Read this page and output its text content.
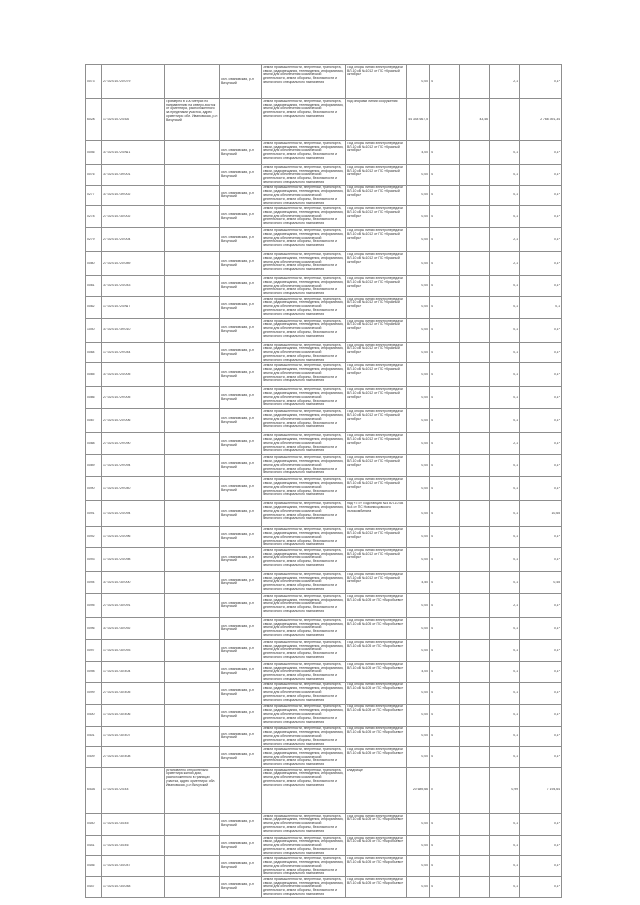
0073	27:02:010720:079		обл. Ивановская, р-н Вичугский	Земли промышленности, энергетики, транспорта, связи, радиовещания, телевидения, информатики, земли для обеспечения космической деятельности, земли обороны, безопасности и земли иного специального назначения	Под опоры линии электропередачи ВЛ-10 кВ №1012 от ПС «Красный октябрь»	0,00	4		2,1	0,1*

602a	17:02:010724:5А	Примерно в 100 метрах по направлению на северо-восток от ориентира, расположенного за пределами участка, адрес ориентира: обл. Ивановская, р-н Вичугский		Земли промышленности, энергетики, транспорта, связи, радиовещания, телевидения, информатики, земли для обеспечения космической деятельности, земли обороны, безопасности и земли иного специального назначения	под опорами линии сооружения	44 344 667,5		43,46		2 768 391,34

0046	37:02:010724:№1		обл. Ивановская, р-н Вичугский	Земли промышленности, энергетики, транспорта, связи, радиовещания, телевидения, информатики, земли для обеспечения космической деятельности, земли обороны, безопасности и земли иного специального назначения	Под опоры линии электропередачи ВЛ-10 кВ №1012 от ПС «Красный октябрь»	4,00	4		0,1	0,1*

0076	37:02:010739:001		обл. Ивановская, р-н Вичугский	Земли промышленности, энергетики, транспорта, связи, радиовещания, телевидения, информатики, земли для обеспечения космической деятельности, земли обороны, безопасности и земли иного специального назначения	Под опоры линии электропередачи ВЛ-10 кВ №1012 от ПС «Красный октябрь»	0,00	4		0,1	0,1*

0277	37:02:010739:002		обл. Ивановская, р-н Вичугский	Земли промышленности, энергетики, транспорта, связи, радиовещания, телевидения, информатики, земли для обеспечения космической деятельности, земли обороны, безопасности и земли иного специального назначения	Под опоры линии электропередачи ВЛ-10 кВ №1012 от ПС «Красный октябрь»	0,00	4		0,1	0,1*

0278	27:02:010730:002		обл. Ивановская, р-н Вичугский	Земли промышленности, энергетики, транспорта, связи, радиовещания, телевидения, информатики, земли для обеспечения космической деятельности, земли обороны, безопасности и земли иного специального назначения	Под опоры линии электропередачи ВЛ-10 кВ №1012 от ПС «Красный октябрь»	0,00	4		0,1	0,1*

0279	27:02:010720:004		обл. Ивановская, р-н Вичугский	Земли промышленности, энергетики, транспорта, связи, радиовещания, телевидения, информатики, земли для обеспечения космической деятельности, земли обороны, безопасности и земли иного специального назначения	Под опоры линии электропередачи ВЛ-10 кВ №1012 от ПС «Красный октябрь»	0,00	4		2,1	0,1*

0080	27:02:010720:089		обл. Ивановская, р-н Вичугский	Земли промышленности, энергетики, транспорта, связи, радиовещания, телевидения, информатики, земли для обеспечения космической деятельности, земли обороны, безопасности и земли иного специального назначения	Под опоры линии электропередачи ВЛ-10 кВ №1012 от ПС «Красный октябрь»	0,00	4		2,1	0,1*

0081	37:02:010724:043		обл. Ивановская, р-н Вичугский	Земли промышленности, энергетики, транспорта, связи, радиовещания, телевидения, информатики, земли для обеспечения космической деятельности, земли обороны, безопасности и земли иного специального назначения	Под опоры линии электропередачи ВЛ-10 кВ №1012 от ПС «Красный октябрь»	0,00	4		0,1	0,1*

0082	17:02:010724:№7		обл. Ивановская, р-н Вичугский	Земли промышленности, энергетики, транспорта, связи, радиовещания, телевидения, информатики, земли для обеспечения космической деятельности, земли обороны, безопасности и земли иного специального назначения	Под опоры линии электропередачи ВЛ-10 кВ №1012 от ПС «Красный октябрь»	0,00	4		0,1	0,1

1040	37:02:010739:010		обл. Ивановская, р-н Вичугский	Земли промышленности, энергетики, транспорта, связи, радиовещания, телевидения, информатики, земли для обеспечения космической деятельности, земли обороны, безопасности и земли иного специального назначения	Под опоры линии электропередачи ВЛ-10 кВ №1012 от ПС «Красный октябрь»	0,00	4		0,1	0,1*

0084	17:02:010729:044		обл. Ивановская, р-н Вичугский	Земли промышленности, энергетики, транспорта, связи, радиовещания, телевидения, информатики, земли для обеспечения космической деятельности, земли обороны, безопасности и земли иного специального назначения	Под опоры линии электропередачи ВЛ-10 кВ №1012 от ПС «Красный октябрь»	0,00	4		0,1	0,1*

0085	37:02:010724:005		обл. Ивановская, р-н Вичугский	Земли промышленности, энергетики, транспорта, связи, радиовещания, телевидения, информатики, земли для обеспечения космической деятельности, земли обороны, безопасности и земли иного специального назначения	Под опоры линии электропередачи ВЛ-10 кВ №1012 от ПС «Красный октябрь»	0,00	4		0,1	0,1*

0086	27:02:010729:005		обл. Ивановская, р-н Вичугский	Земли промышленности, энергетики, транспорта, связи, радиовещания, телевидения, информатики, земли для обеспечения космической деятельности, земли обороны, безопасности и земли иного специального назначения	Под опоры линии электропередачи ВЛ-10 кВ №1012 от ПС «Красный октябрь»	0,00	4		0,1	0,1*

0087	27:02:010720:006		обл. Ивановская, р-н Вичугский	Земли промышленности, энергетики, транспорта, связи, радиовещания, телевидения, информатики, земли для обеспечения космической деятельности, земли обороны, безопасности и земли иного специального назначения	Под опоры линии электропередачи ВЛ-10 кВ №1012 от ПС «Красный октябрь»	0,00	4		0,1	0,1*

0088	27:02:010729:090		обл. Ивановская, р-н Вичугский	Земли промышленности, энергетики, транспорта, связи, радиовещания, телевидения, информатики, земли для обеспечения космической деятельности, земли обороны, безопасности и земли иного специального назначения	Под опоры линии электропередачи ВЛ-10 кВ №1012 от ПС «Красный октябрь»	0,00	4		2,1	0,1*

0089	17:02:010729:094		обл. Ивановская, р-н Вичугский	Земли промышленности, энергетики, транспорта, связи, радиовещания, телевидения, информатики, земли для обеспечения космической деятельности, земли обороны, безопасности и земли иного специального назначения	Под опоры линии электропередачи ВЛ-10 кВ №1012 от ПС «Красный октябрь»	0,00	4		0,1	0,1*

0090	17:02:010729:040		обл. Ивановская, р-н Вичугский	Земли промышленности, энергетики, транспорта, связи, радиовещания, телевидения, информатики, земли для обеспечения космической деятельности, земли обороны, безопасности и земли иного специального назначения	Под опоры линии электропередачи ВЛ-10 кВ №1012 от ПС «Красный октябрь»	0,00	4		0,1	0,1*

0091	17:02:010724:094		обл. Ивановская, р-н Вичугский	Земли промышленности, энергетики, транспорта, связи, радиовещания, телевидения, информатики, земли для обеспечения космической деятельности, земли обороны, безопасности и земли иного специального назначения	над «ТП» Подстанция №4 ВЛ-10 кВ №4 от ПС Новописцовского льнокомбината	0,00	4		0,1	10,65

0092	17:02:010724:096		обл. Ивановская, р-н Вичугский	Земли промышленности, энергетики, транспорта, связи, радиовещания, телевидения, информатики, земли для обеспечения космической деятельности, земли обороны, безопасности и земли иного специального назначения	Под опоры линии электропередачи ВЛ-10 кВ №1012 от ПС «Красный октябрь»	0,00	4		0,1	0,1*

0093	17:02:010724:098		обл. Ивановская, р-н Вичугский	Земли промышленности, энергетики, транспорта, связи, радиовещания, телевидения, информатики, земли для обеспечения космической деятельности, земли обороны, безопасности и земли иного специального назначения	Под опоры линии электропередачи ВЛ-10 кВ №1012 от ПС «Красный октябрь»	0,00	4		0,1	0,1*

0094	37:02:010730:000		обл. Ивановская, р-н Вичугский	Земли промышленности, энергетики, транспорта, связи, радиовещания, телевидения, информатики, земли для обеспечения космической деятельности, земли обороны, безопасности и земли иного специального назначения	Под опоры линии электропередачи ВЛ-10 кВ №1012 от ПС «Красный октябрь»	4,50	4		0,1	0,45

0095	27:02:010730:091		обл. Ивановская, р-н Вичугский	Земли промышленности, энергетики, транспорта, связи, радиовещания, телевидения, информатики, земли для обеспечения космической деятельности, земли обороны, безопасности и земли иного специального назначения	Под опоры линии электропередачи ВЛ-10 кВ №105 от ПС «Воробьево»	0,00	4		2,1	0,1*

0096	37:02:010730:092		обл. Ивановская, р-н Вичугский	Земли промышленности, энергетики, транспорта, связи, радиовещания, телевидения, информатики, земли для обеспечения космической деятельности, земли обороны, безопасности и земли иного специального назначения	Под опоры линии электропередачи ВЛ-10 кВ №105 от ПС «Воробьево»	0,00	4		0,1	0,1*

0097	17:02:010730:093		обл. Ивановская, р-н Вичугский	Земли промышленности, энергетики, транспорта, связи, радиовещания, телевидения, информатики, земли для обеспечения космической деятельности, земли обороны, безопасности и земли иного специального назначения	Под опоры линии электропередачи ВЛ-10 кВ №105 от ПС «Воробьево»	0,00	4		0,1	0,1*

0098	17:02:010730:404		обл. Ивановская, р-н Вичугский	Земли промышленности, энергетики, транспорта, связи, радиовещания, телевидения, информатики, земли для обеспечения космической деятельности, земли обороны, безопасности и земли иного специального назначения	Под опоры линии электропередачи ВЛ-10 кВ №105 от ПС «Воробьево»	4,00	4		0,1	0,1*

0099	27:02:010730:405		обл. Ивановская, р-н Вичугский	Земли промышленности, энергетики, транспорта, связи, радиовещания, телевидения, информатики, земли для обеспечения космической деятельности, земли обороны, безопасности и земли иного специального назначения	Под опоры линии электропередачи ВЛ-10 кВ №105 от ПС «Воробьево»	0,00	4		0,1	0,1*

0400	17:02:010730:406		обл. Ивановская, р-н Вичугский	Земли промышленности, энергетики, транспорта, связи, радиовещания, телевидения, информатики, земли для обеспечения космической деятельности, земли обороны, безопасности и земли иного специального назначения	Под опоры линии электропередачи ВЛ-10 кВ №105 от ПС «Воробьево»	0,00	4		0,1	0,1*

0401	17:02:010730:407		обл. Ивановская, р-н Вичугский	Земли промышленности, энергетики, транспорта, связи, радиовещания, телевидения, информатики, земли для обеспечения космической деятельности, земли обороны, безопасности и земли иного специального назначения	Под опоры линии электропередачи ВЛ-10 кВ №105 от ПС «Воробьево»	0,00	4		0,1	0,1*

0409	27:02:010730:408		обл. Ивановская, р-н Вичугский	Земли промышленности, энергетики, транспорта, связи, радиовещания, телевидения, информатики, земли для обеспечения космической деятельности, земли обороны, безопасности и земли иного специального назначения	Под опоры линии электропередачи ВЛ-10 кВ №105 от ПС «Воробьево»	0,00	4		0,1	0,1*

640A	17:02:010724:44	установлено относительно ориентира жилой дом, расположенного в границах участка, адрес ориентира: обл. Ивановская, р-н Вичугский		Земли промышленности, энергетики, транспорта, связи, радиовещания, телевидения, информатики, земли для обеспечения космической деятельности, земли обороны, безопасности и земли иного специального назначения	кладбище	20 689,66	0		0,99	7 194,64

0440	17:02:010734:45		обл. Ивановская, р-н Вичугский	Земли промышленности, энергетики, транспорта, связи, радиовещания, телевидения, информатики, земли для обеспечения космической деятельности, земли обороны, безопасности и земли иного специального назначения	Под опоры линии электропередачи ВЛ-10 кВ №105 от ПС «Воробьево»	0,00	4		0,1	0,1*

0441	17:02:010734:46		обл. Ивановская, р-н Вичугский	Земли промышленности, энергетики, транспорта, связи, радиовещания, телевидения, информатики, земли для обеспечения космической деятельности, земли обороны, безопасности и земли иного специального назначения	Под опоры линии электропередачи ВЛ-10 кВ №105 от ПС «Воробьево»	0,00	4		0,1	0,1*

0446	17:02:010734:047		обл. Ивановская, р-н Вичугский	Земли промышленности, энергетики, транспорта, связи, радиовещания, телевидения, информатики, земли для обеспечения космической деятельности, земли обороны, безопасности и земли иного специального назначения	Под опоры линии электропередачи ВЛ-10 кВ №105 от ПС «Воробьево»	0,00	4		0,1	0,1*

0447	17:02:010734:048		обл. Ивановская, р-н Вичугский	Земли промышленности, энергетики, транспорта, связи, радиовещания, телевидения, информатики, земли для обеспечения космической деятельности, земли обороны, безопасности и земли иного специального назначения	Под опоры линии электропередачи ВЛ-10 кВ №105 от ПС «Воробьево»	0,00	4		0,1	0,1*
